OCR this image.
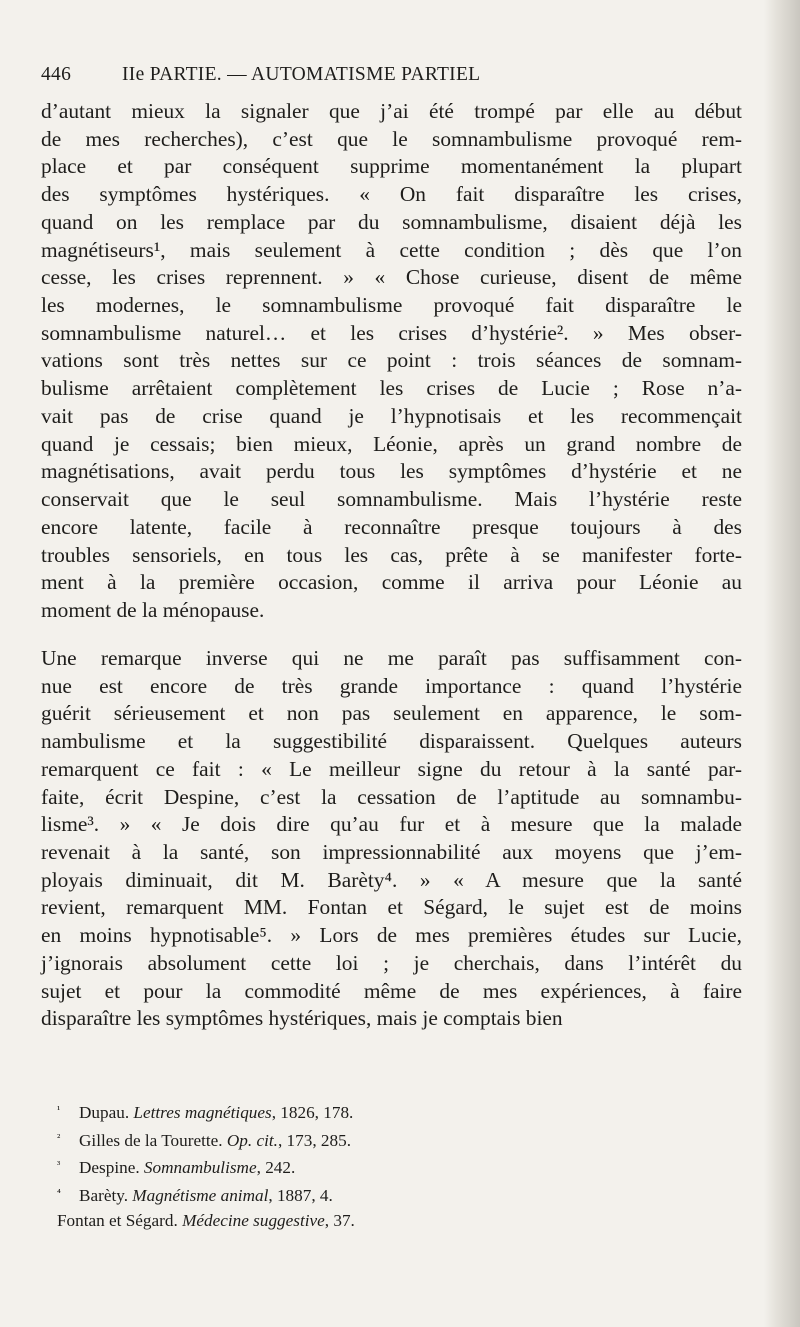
446	IIe PARTIE. — AUTOMATISME PARTIEL
d’autant mieux la signaler que j’ai été trompé par elle au début
de mes recherches), c’est que le somnambulisme provoqué rem-
place et par conséquent supprime momentanément la plupart
des symptômes hystériques. « On fait disparaître les crises,
quand on les remplace par du somnambulisme, disaient déjà les
magnétiseurs¹, mais seulement à cette condition ; dès que l’on
cesse, les crises reprennent. » « Chose curieuse, disent de même
les modernes, le somnambulisme provoqué fait disparaître le
somnambulisme naturel… et les crises d’hystérie². » Mes obser-
vations sont très nettes sur ce point : trois séances de somnam-
bulisme arrêtaient complètement les crises de Lucie ; Rose n’a-
vait pas de crise quand je l’hypnotisais et les recommençait
quand je cessais; bien mieux, Léonie, après un grand nombre de
magnétisations, avait perdu tous les symptômes d’hystérie et ne
conservait que le seul somnambulisme. Mais l’hystérie reste
encore latente, facile à reconnaître presque toujours à des
troubles sensoriels, en tous les cas, prête à se manifester forte-
ment à la première occasion, comme il arriva pour Léonie au
moment de la ménopause.
Une remarque inverse qui ne me paraît pas suffisamment con-
nue est encore de très grande importance : quand l’hystérie
guérit sérieusement et non pas seulement en apparence, le som-
nambulisme et la suggestibilité disparaissent. Quelques auteurs
remarquent ce fait : « Le meilleur signe du retour à la santé par-
faite, écrit Despine, c’est la cessation de l’aptitude au somnambu-
lisme³. » « Je dois dire qu’au fur et à mesure que la malade
revenait à la santé, son impressionnabilité aux moyens que j’em-
ployais diminuait, dit M. Barèty⁴. » « A mesure que la santé
revient, remarquent MM. Fontan et Ségard, le sujet est de moins
en moins hypnotisable⁵. » Lors de mes premières études sur Lucie,
j’ignorais absolument cette loi ; je cherchais, dans l’intérêt du
sujet et pour la commodité même de mes expériences, à faire
disparaître les symptômes hystériques, mais je comptais bien
¹ Dupau. Lettres magnétiques, 1826, 178.
² Gilles de la Tourette. Op. cit., 173, 285.
³ Despine. Somnambulisme, 242.
⁴ Barèty. Magnétisme animal, 1887, 4.
Fontan et Ségard. Médecine suggestive, 37.
